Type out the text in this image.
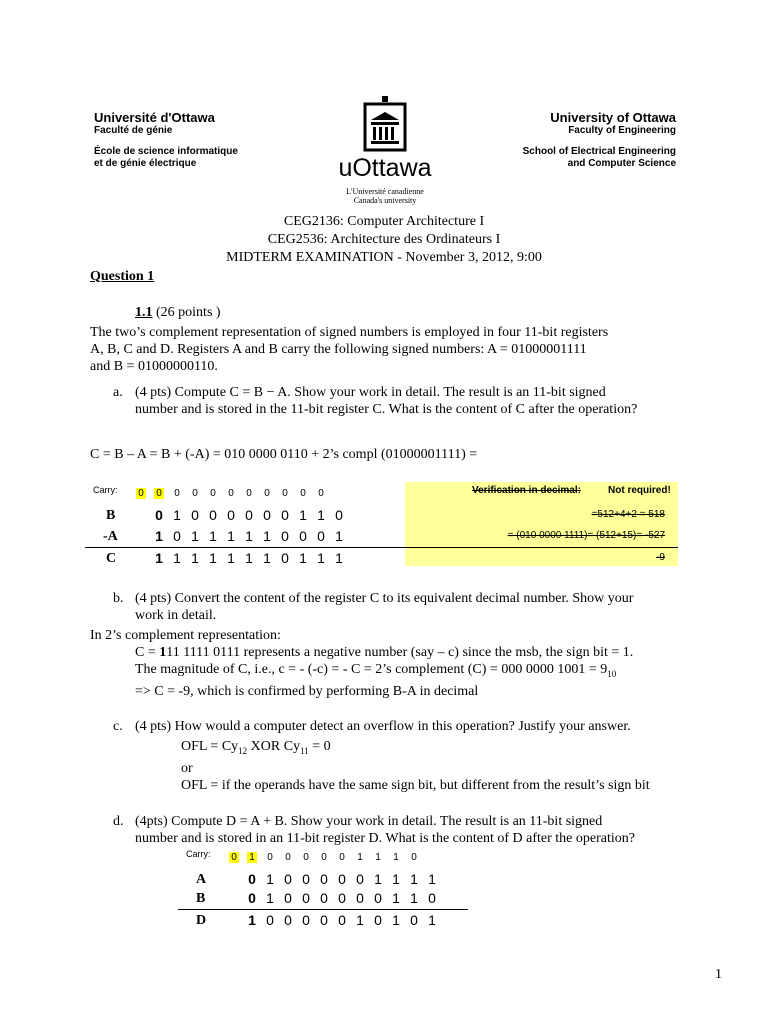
Université d'Ottawa
Faculté de génie
École de science informatique
et de génie électrique
University of Ottawa
Faculty of Engineering
School of Electrical Engineering
and Computer Science
uOttawa
L'Université canadienne
Canada's university
CEG2136: Computer Architecture I
CEG2536: Architecture des Ordinateurs I
MIDTERM EXAMINATION - November 3, 2012, 9:00
Question 1
1.1 (26 points )
The two’s complement representation of signed numbers is employed in four 11-bit registers
A, B, C and D. Registers A and B carry the following signed numbers: A = 01000001111
and B = 01000000110.
a. (4 pts) Compute C = B − A. Show your work in detail. The result is an 11-bit signed
number and is stored in the 11-bit register C. What is the content of C after the operation?
C = B – A = B + (-A) = 010 0000 0110 + 2’s compl (01000001111) =
Carry: 0 0	0	0	0	0	0	0	0	0	0	Verification in decimal:	Not required!
B	0 1 0 0 0 0 0 0 1 1 0	=512+4+2 = 518
-A	1 0 1 1 1 1 1 0 0 0 1	= (010 0000 1111)= (512+15)= -527
C	1 1 1 1 1 1 1 0 1 1 1	-9
b. (4 pts) Convert the content of the register C to its equivalent decimal number. Show your
work in detail.
In 2’s complement representation:
C = 111 1111 0111 represents a negative number (say – c) since the msb, the sign bit = 1.
The magnitude of C, i.e., c = - (-c) = - C = 2’s complement (C) = 000 0000 $1001 = 9_{10}$
=> C = -9, which is confirmed by performing B-A in decimal
c. (4 pts) How would a computer detect an overflow in this operation? Justify your answer.
OFL = $Cy_{12}$ XOR $Cy_{11} = 0$
or
OFL = if the operands have the same sign bit, but different from the result’s sign bit
d. (4pts) Compute D = A + B. Show your work in detail. The result is an 11-bit signed
number and is stored in an 11-bit register D. What is the content of D after the operation?
Carry: 0 1	0	0	0	0	0	1	1	1	0
A	0 1 0 0 0 0 0 1 1 1 1
B	0 1 0 0 0 0 0 0 1 1 0
D	1 0 0 0 0 0 1 0 1 0 1
1
